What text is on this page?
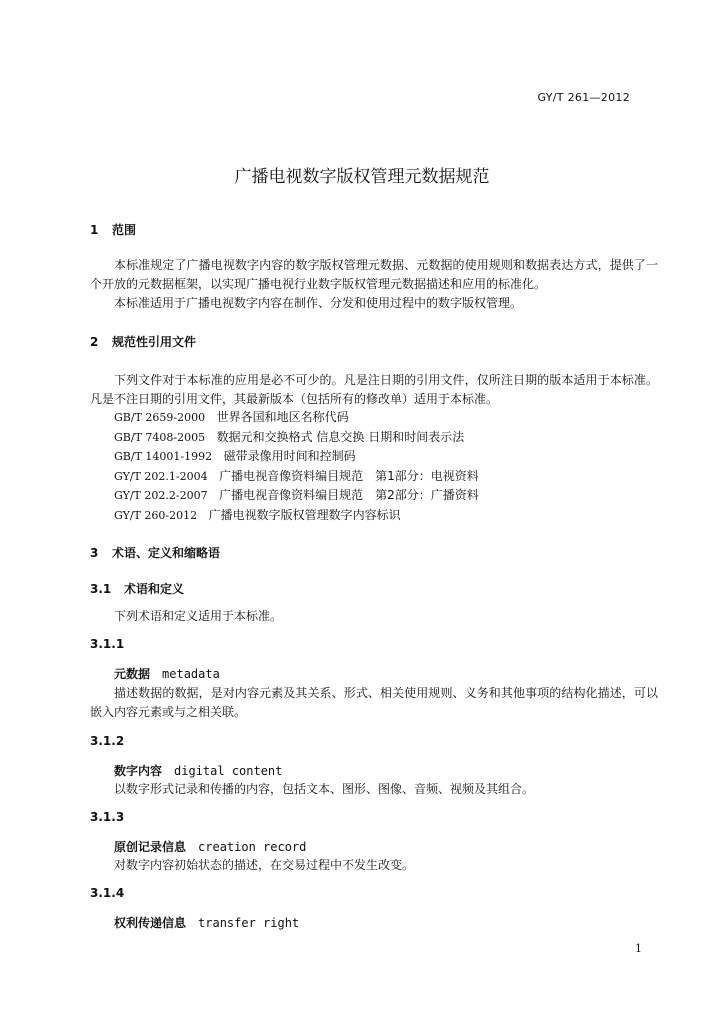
GY/T 261—2012
广播电视数字版权管理元数据规范
1 范围
本标准规定了广播电视数字内容的数字版权管理元数据、元数据的使用规则和数据表达方式，提供了一个开放的元数据框架，以实现广播电视行业数字版权管理元数据描述和应用的标准化。
本标准适用于广播电视数字内容在制作、分发和使用过程中的数字版权管理。
2 规范性引用文件
下列文件对于本标准的应用是必不可少的。凡是注日期的引用文件，仅所注日期的版本适用于本标准。凡是不注日期的引用文件，其最新版本（包括所有的修改单）适用于本标准。
GB/T 2659-2000 世界各国和地区名称代码
GB/T 7408-2005 数据元和交换格式 信息交换 日期和时间表示法
GB/T 14001-1992 磁带录像用时间和控制码
GY/T 202.1-2004 广播电视音像资料编目规范　第1部分：电视资料
GY/T 202.2-2007 广播电视音像资料编目规范　第2部分：广播资料
GY/T 260-2012 广播电视数字版权管理数字内容标识
3 术语、定义和缩略语
3.1 术语和定义
下列术语和定义适用于本标准。
3.1.1
元数据 metadata
描述数据的数据，是对内容元素及其关系、形式、相关使用规则、义务和其他事项的结构化描述，可以嵌入内容元素或与之相关联。
3.1.2
数字内容 digital content
以数字形式记录和传播的内容，包括文本、图形、图像、音频、视频及其组合。
3.1.3
原创记录信息 creation record
对数字内容初始状态的描述，在交易过程中不发生改变。
3.1.4
权利传递信息 transfer right
1
